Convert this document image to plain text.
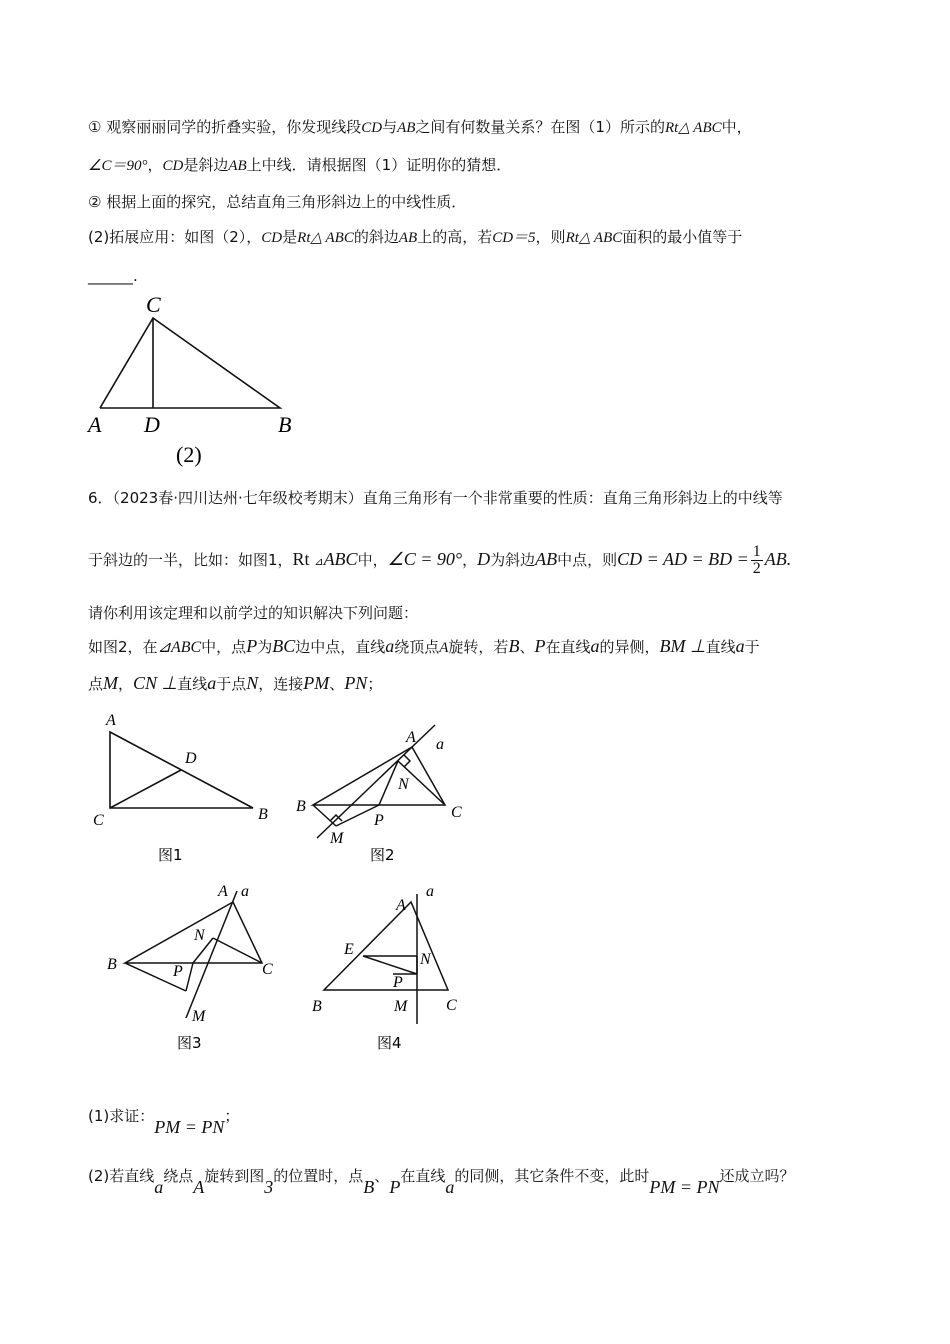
① 观察丽丽同学的折叠实验，你发现线段CD与AB之间有何数量关系？在图（1）所示的Rt△ ABC中，
∠C＝90°，CD是斜边AB上中线．请根据图（1）证明你的猜想．
② 根据上面的探究，总结直角三角形斜边上的中线性质．
(2)拓展应用：如图（2），CD是Rt△ ABC的斜边AB上的高，若CD＝5，则Rt△ ABC面积的最小值等于
______.
C
A D	B
(2)
6．（2023春·四川达州·七年级校考期末）直角三角形有一个非常重要的性质：直角三角形斜边上的中线等
于斜边的一半，比如：如图1，Rt ⊿ABC中，∠C = 90°，D为斜边AB中点，则CD = AD = BD = $\frac{1}{2}$ AB.
请你利用该定理和以前学过的知识解决下列问题：
如图2，在⊿ABC中，点P为BC边中点，直线a绕顶点A旋转，若B、P在直线a的异侧，BM ⊥直线a于
点M，CN ⊥直线a于点N，连接PM、PN；
A
D
C	B
图1
A a
N
B	C
P
M
图2
A a
N
B	C
P
M
图3
A
a
E
N
P
B	M C
图4
(1)求证：PM = PN；
(2)若直线a绕点A旋转到图3的位置时，点B、P在直线a的同侧，其它条件不变，此时PM = PN还成立吗？
